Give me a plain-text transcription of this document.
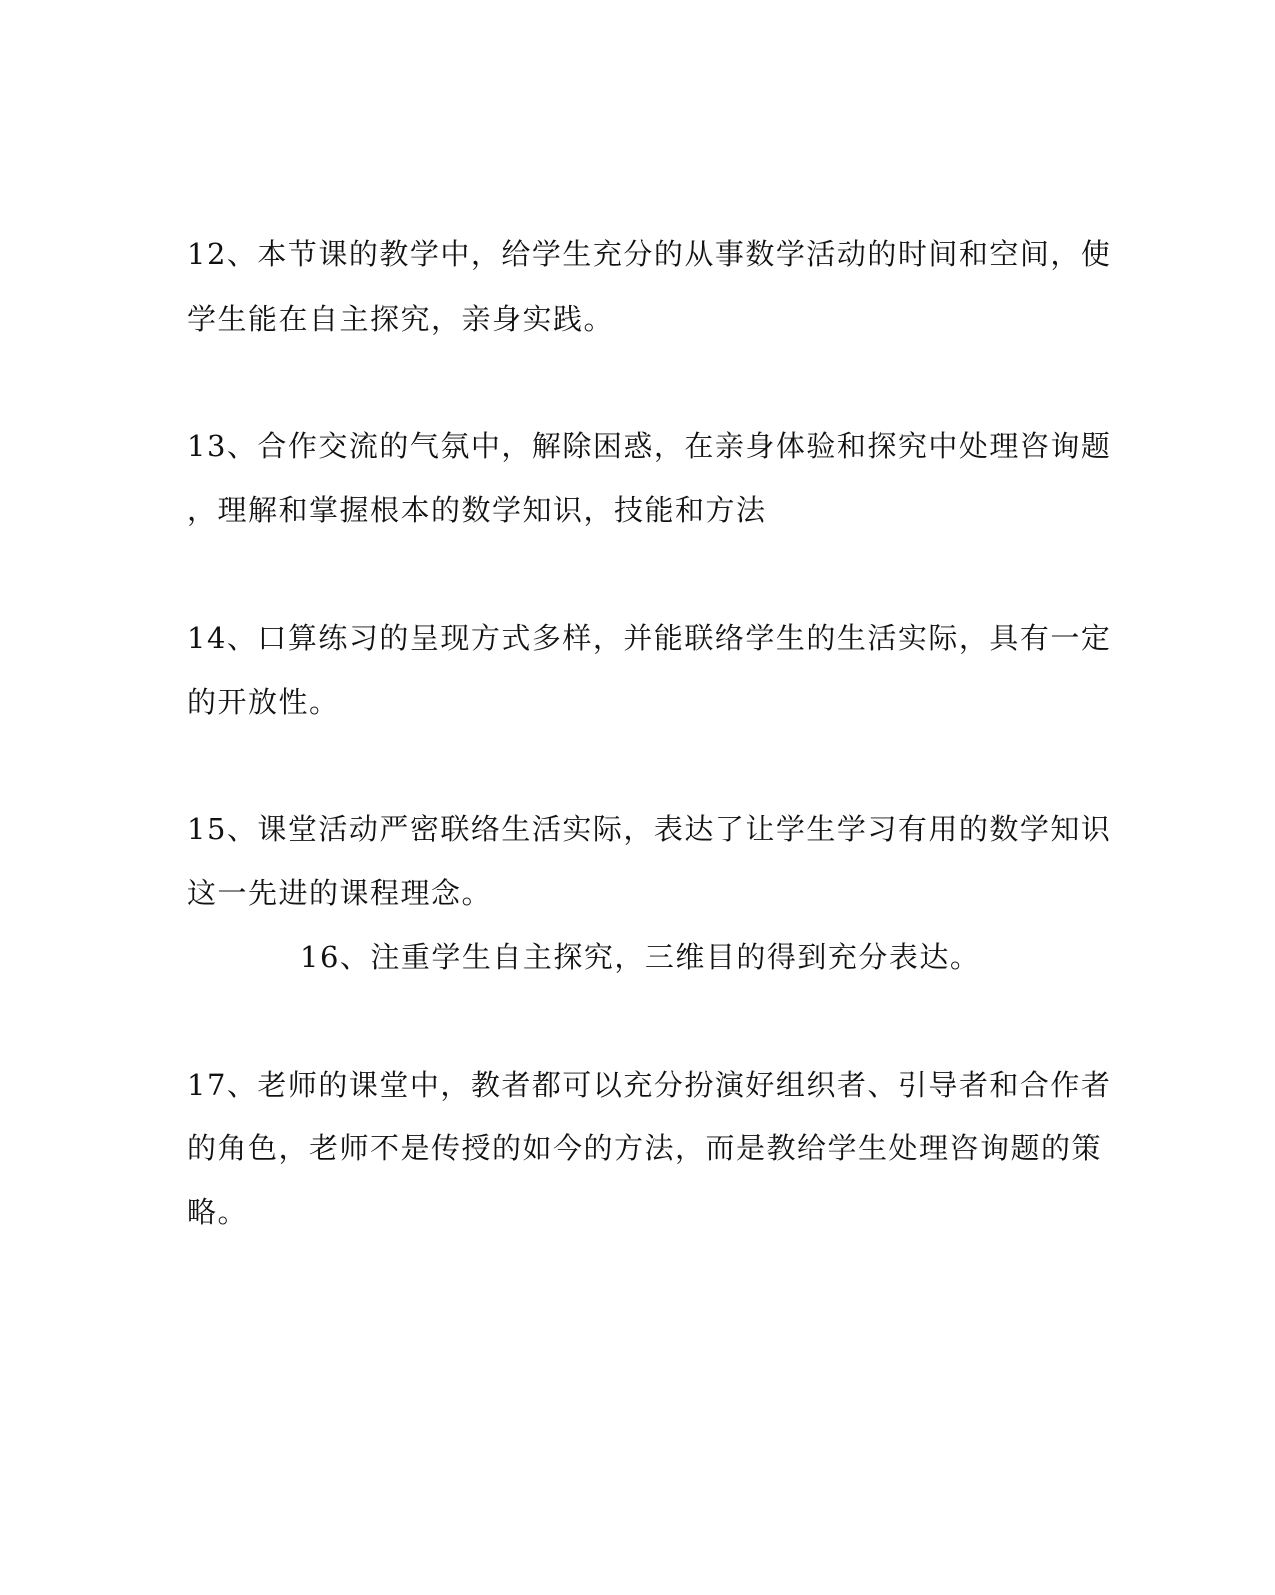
12、本节课的教学中，给学生充分的从事数学活动的时间和空间，使
学生能在自主探究，亲身实践。
13、合作交流的气氛中，解除困惑，在亲身体验和探究中处理咨询题
，理解和掌握根本的数学知识，技能和方法
14、口算练习的呈现方式多样，并能联络学生的生活实际，具有一定
的开放性。
15、课堂活动严密联络生活实际，表达了让学生学习有用的数学知识
这一先进的课程理念。
16、注重学生自主探究，三维目的得到充分表达。
17、老师的课堂中，教者都可以充分扮演好组织者、引导者和合作者
的角色，老师不是传授的如今的方法，而是教给学生处理咨询题的策
略。
